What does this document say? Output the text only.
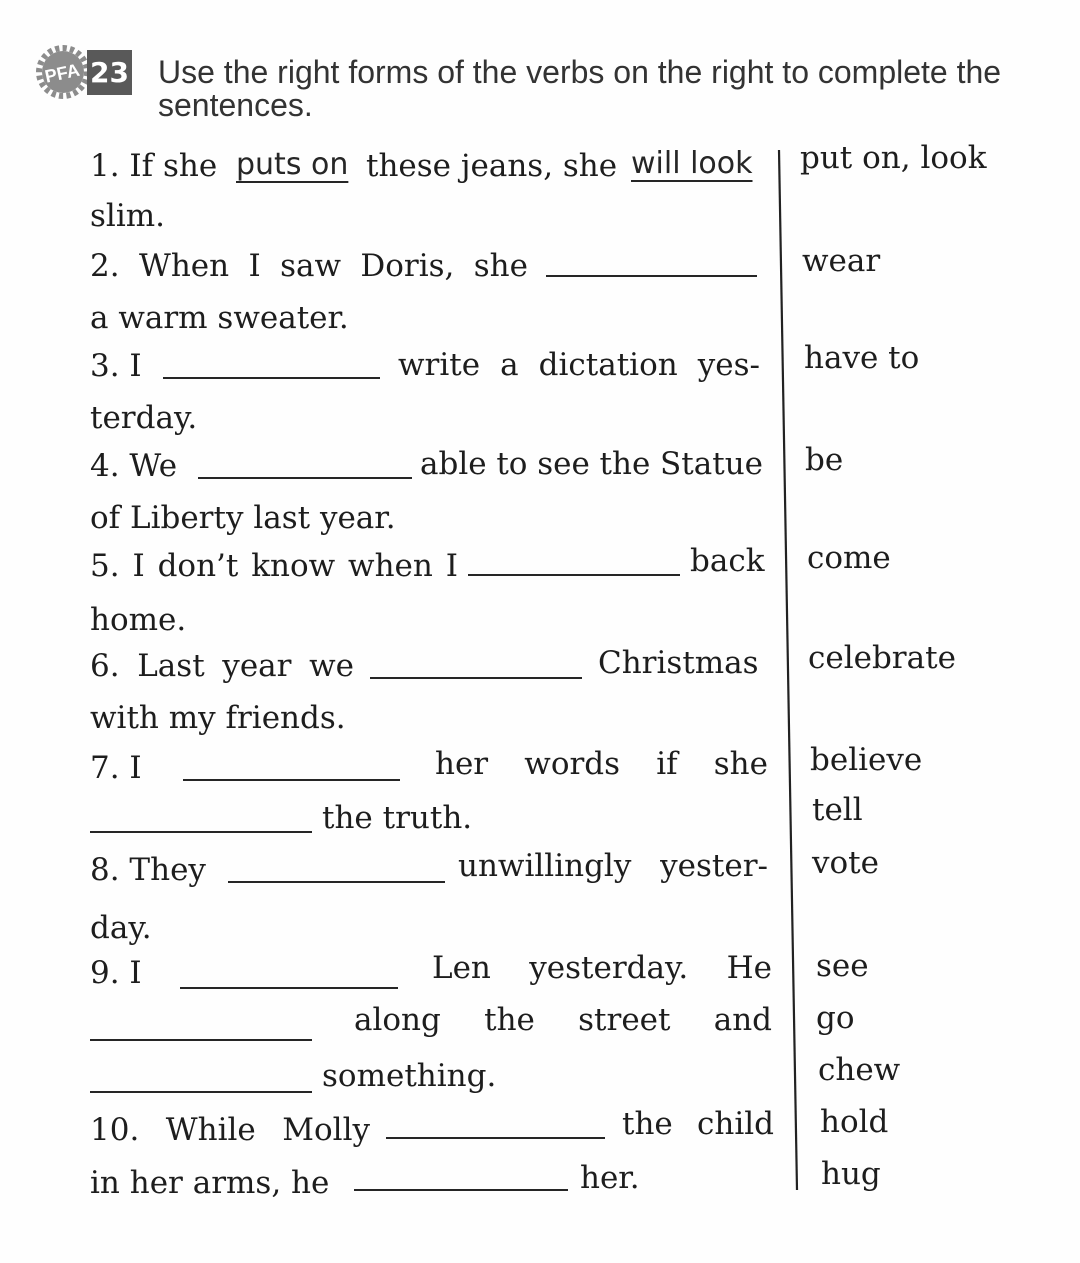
PFA 23 Use the right forms of the verbs on the right to complete the
sentences.
1. If she puts on these jeans, she will look
slim.
put on, look
2. When I saw Doris, she
a warm sweater.
wear
3. I	write a dictation yes-
terday.
have to
4. We	able to see the Statue
of Liberty last year.
be
5. I don’t know when I	back
home.
come
6. Last year we	Christmas
with my friends.
celebrate
7. I	her words if she
the truth.
believe
tell
8. They	unwillingly yester-
day.
vote
9. I	Len yesterday. He
along the street and
something.
see
go
chew
10. While Molly	the child
in her arms, he	her.
hold
hug
